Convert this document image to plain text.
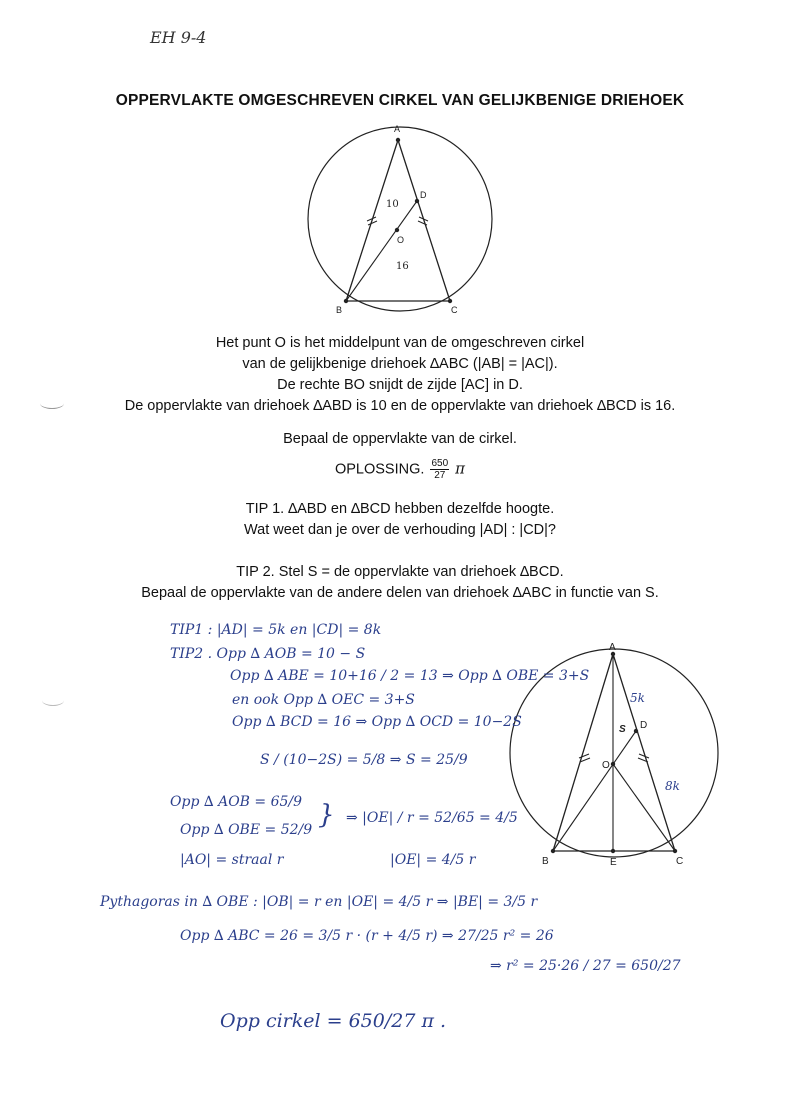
EH 9-4
OPPERVLAKTE OMGESCHREVEN CIRKEL VAN GELIJKBENIGE DRIEHOEK
A
B	C
D
O
10
16
Het punt O is het middelpunt van de omgeschreven cirkel
van de gelijkbenige driehoek ∆ABC (|AB| = |AC|).
De rechte BO snijdt de zijde [AC] in D.
De oppervlakte van driehoek ∆ABD is 10 en de oppervlakte van driehoek ∆BCD is 16.
Bepaal de oppervlakte van de cirkel.
OPLOSSING. $\frac{650}{27}$ π
TIP 1. ∆ABD en ∆BCD hebben dezelfde hoogte.
Wat weet dan je over de verhouding |AD| : |CD|?
TIP 2. Stel S = de oppervlakte van driehoek ∆BCD.
Bepaal de oppervlakte van de andere delen van driehoek ∆ABC in functie van S.
A
B	C
D
O
E
S
5k
8k
TIP1 : |AD| = 5k en |CD| = 8k
TIP2 . Opp ∆ AOB = 10 − S
Opp ∆ ABE = 10+16 / 2 = 13 ⇒ Opp ∆ OBE = 3+S
en ook Opp ∆ OEC = 3+S
Opp ∆ BCD = 16 ⇒ Opp ∆ OCD = 10−2S
S / (10−2S) = 5/8 ⇒ S = 25/9
Opp ∆ AOB = 65/9
Opp ∆ OBE = 52/9
|AO| = straal r
} ⇒ |OE| / r = 52/65 = 4/5
|OE| = 4/5 r
Pythagoras in ∆ OBE : |OB| = r en |OE| = 4/5 r ⇒ |BE| = 3/5 r
Opp ∆ ABC = 26 = 3/5 r · (r + 4/5 r) ⇒ 27/25 r² = 26
⇒ r² = 25·26 / 27 = 650/27
Opp cirkel = 650/27 π .
